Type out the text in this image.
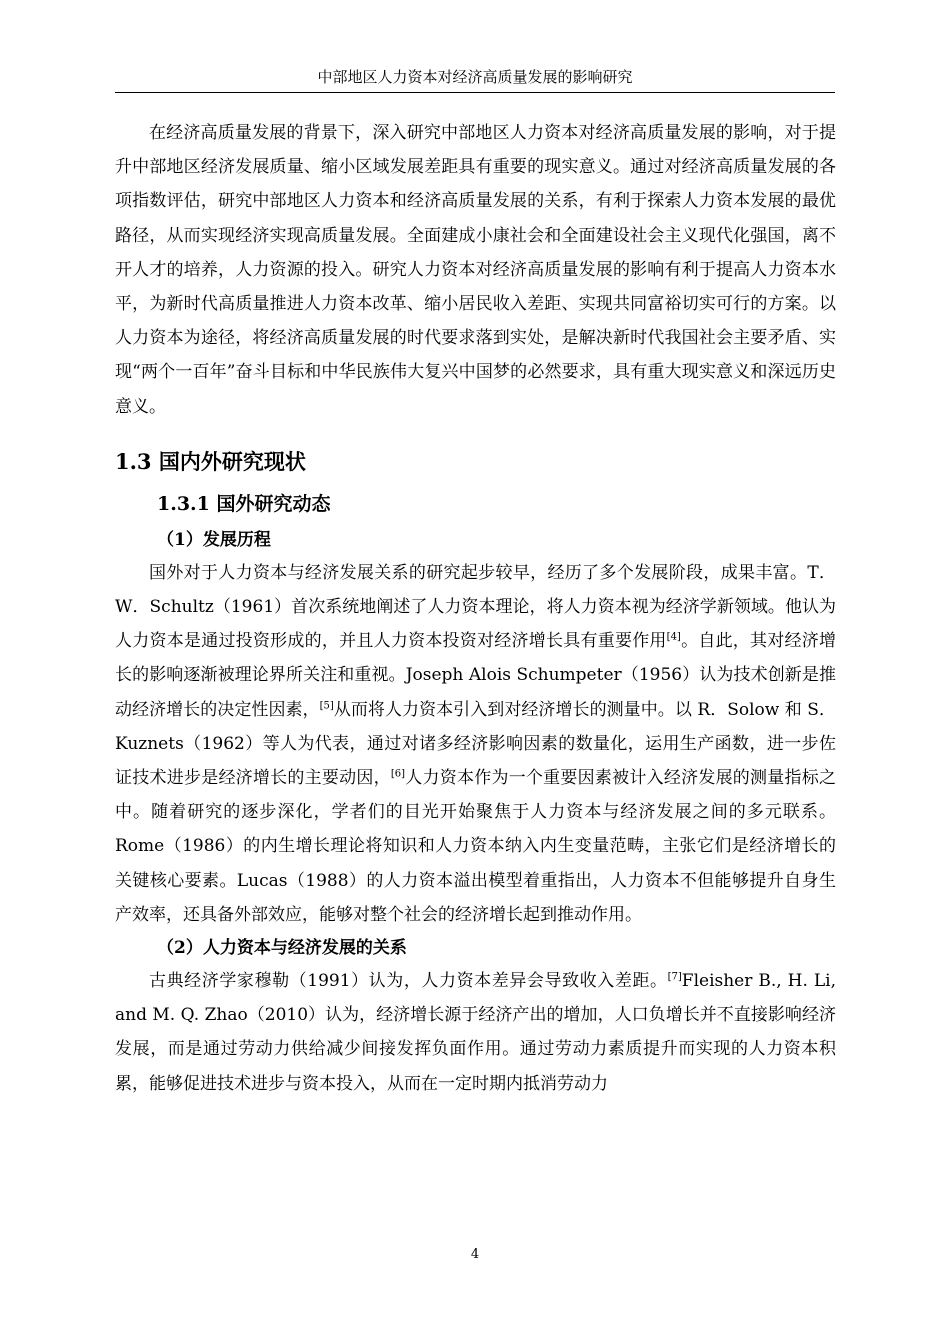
中部地区人力资本对经济高质量发展的影响研究

在经济高质量发展的背景下，深入研究中部地区人力资本对经济高质量发展的影响，对于提升中部地区经济发展质量、缩小区域发展差距具有重要的现实意义。通过对经济高质量发展的各项指数评估，研究中部地区人力资本和经济高质量发展的关系，有利于探索人力资本发展的最优路径，从而实现经济实现高质量发展。全面建成小康社会和全面建设社会主义现代化强国，离不开人才的培养，人力资源的投入。研究人力资本对经济高质量发展的影响有利于提高人力资本水平，为新时代高质量推进人力资本改革、缩小居民收入差距、实现共同富裕切实可行的方案。以人力资本为途径，将经济高质量发展的时代要求落到实处，是解决新时代我国社会主要矛盾、实现“两个一百年”奋斗目标和中华民族伟大复兴中国梦的必然要求，具有重大现实意义和深远历史意义。

1.3 国内外研究现状
1.3.1 国外研究动态
（1）发展历程

国外对于人力资本与经济发展关系的研究起步较早，经历了多个发展阶段，成果丰富。T．W．Schultz（1961）首次系统地阐述了人力资本理论，将人力资本视为经济学新领域。他认为人力资本是通过投资形成的，并且人力资本投资对经济增长具有重要作用[4]。自此，其对经济增长的影响逐渐被理论界所关注和重视。Joseph Alois Schumpeter（1956）认为技术创新是推动经济增长的决定性因素，[5]从而将人力资本引入到对经济增长的测量中。以 R．Solow 和 S．Kuznets（1962）等人为代表，通过对诸多经济影响因素的数量化，运用生产函数，进一步佐证技术进步是经济增长的主要动因，[6]人力资本作为一个重要因素被计入经济发展的测量指标之中。随着研究的逐步深化，学者们的目光开始聚焦于人力资本与经济发展之间的多元联系。Rome（1986）的内生增长理论将知识和人力资本纳入内生变量范畴，主张它们是经济增长的关键核心要素。Lucas（1988）的人力资本溢出模型着重指出，人力资本不但能够提升自身生产效率，还具备外部效应，能够对整个社会的经济增长起到推动作用。

（2）人力资本与经济发展的关系

古典经济学家穆勒（1991）认为，人力资本差异会导致收入差距。[7]Fleisher B., H. Li, and M. Q. Zhao（2010）认为，经济增长源于经济产出的增加，人口负增长并不直接影响经济发展，而是通过劳动力供给减少间接发挥负面作用。通过劳动力素质提升而实现的人力资本积累，能够促进技术进步与资本投入，从而在一定时期内抵消劳动力

4
